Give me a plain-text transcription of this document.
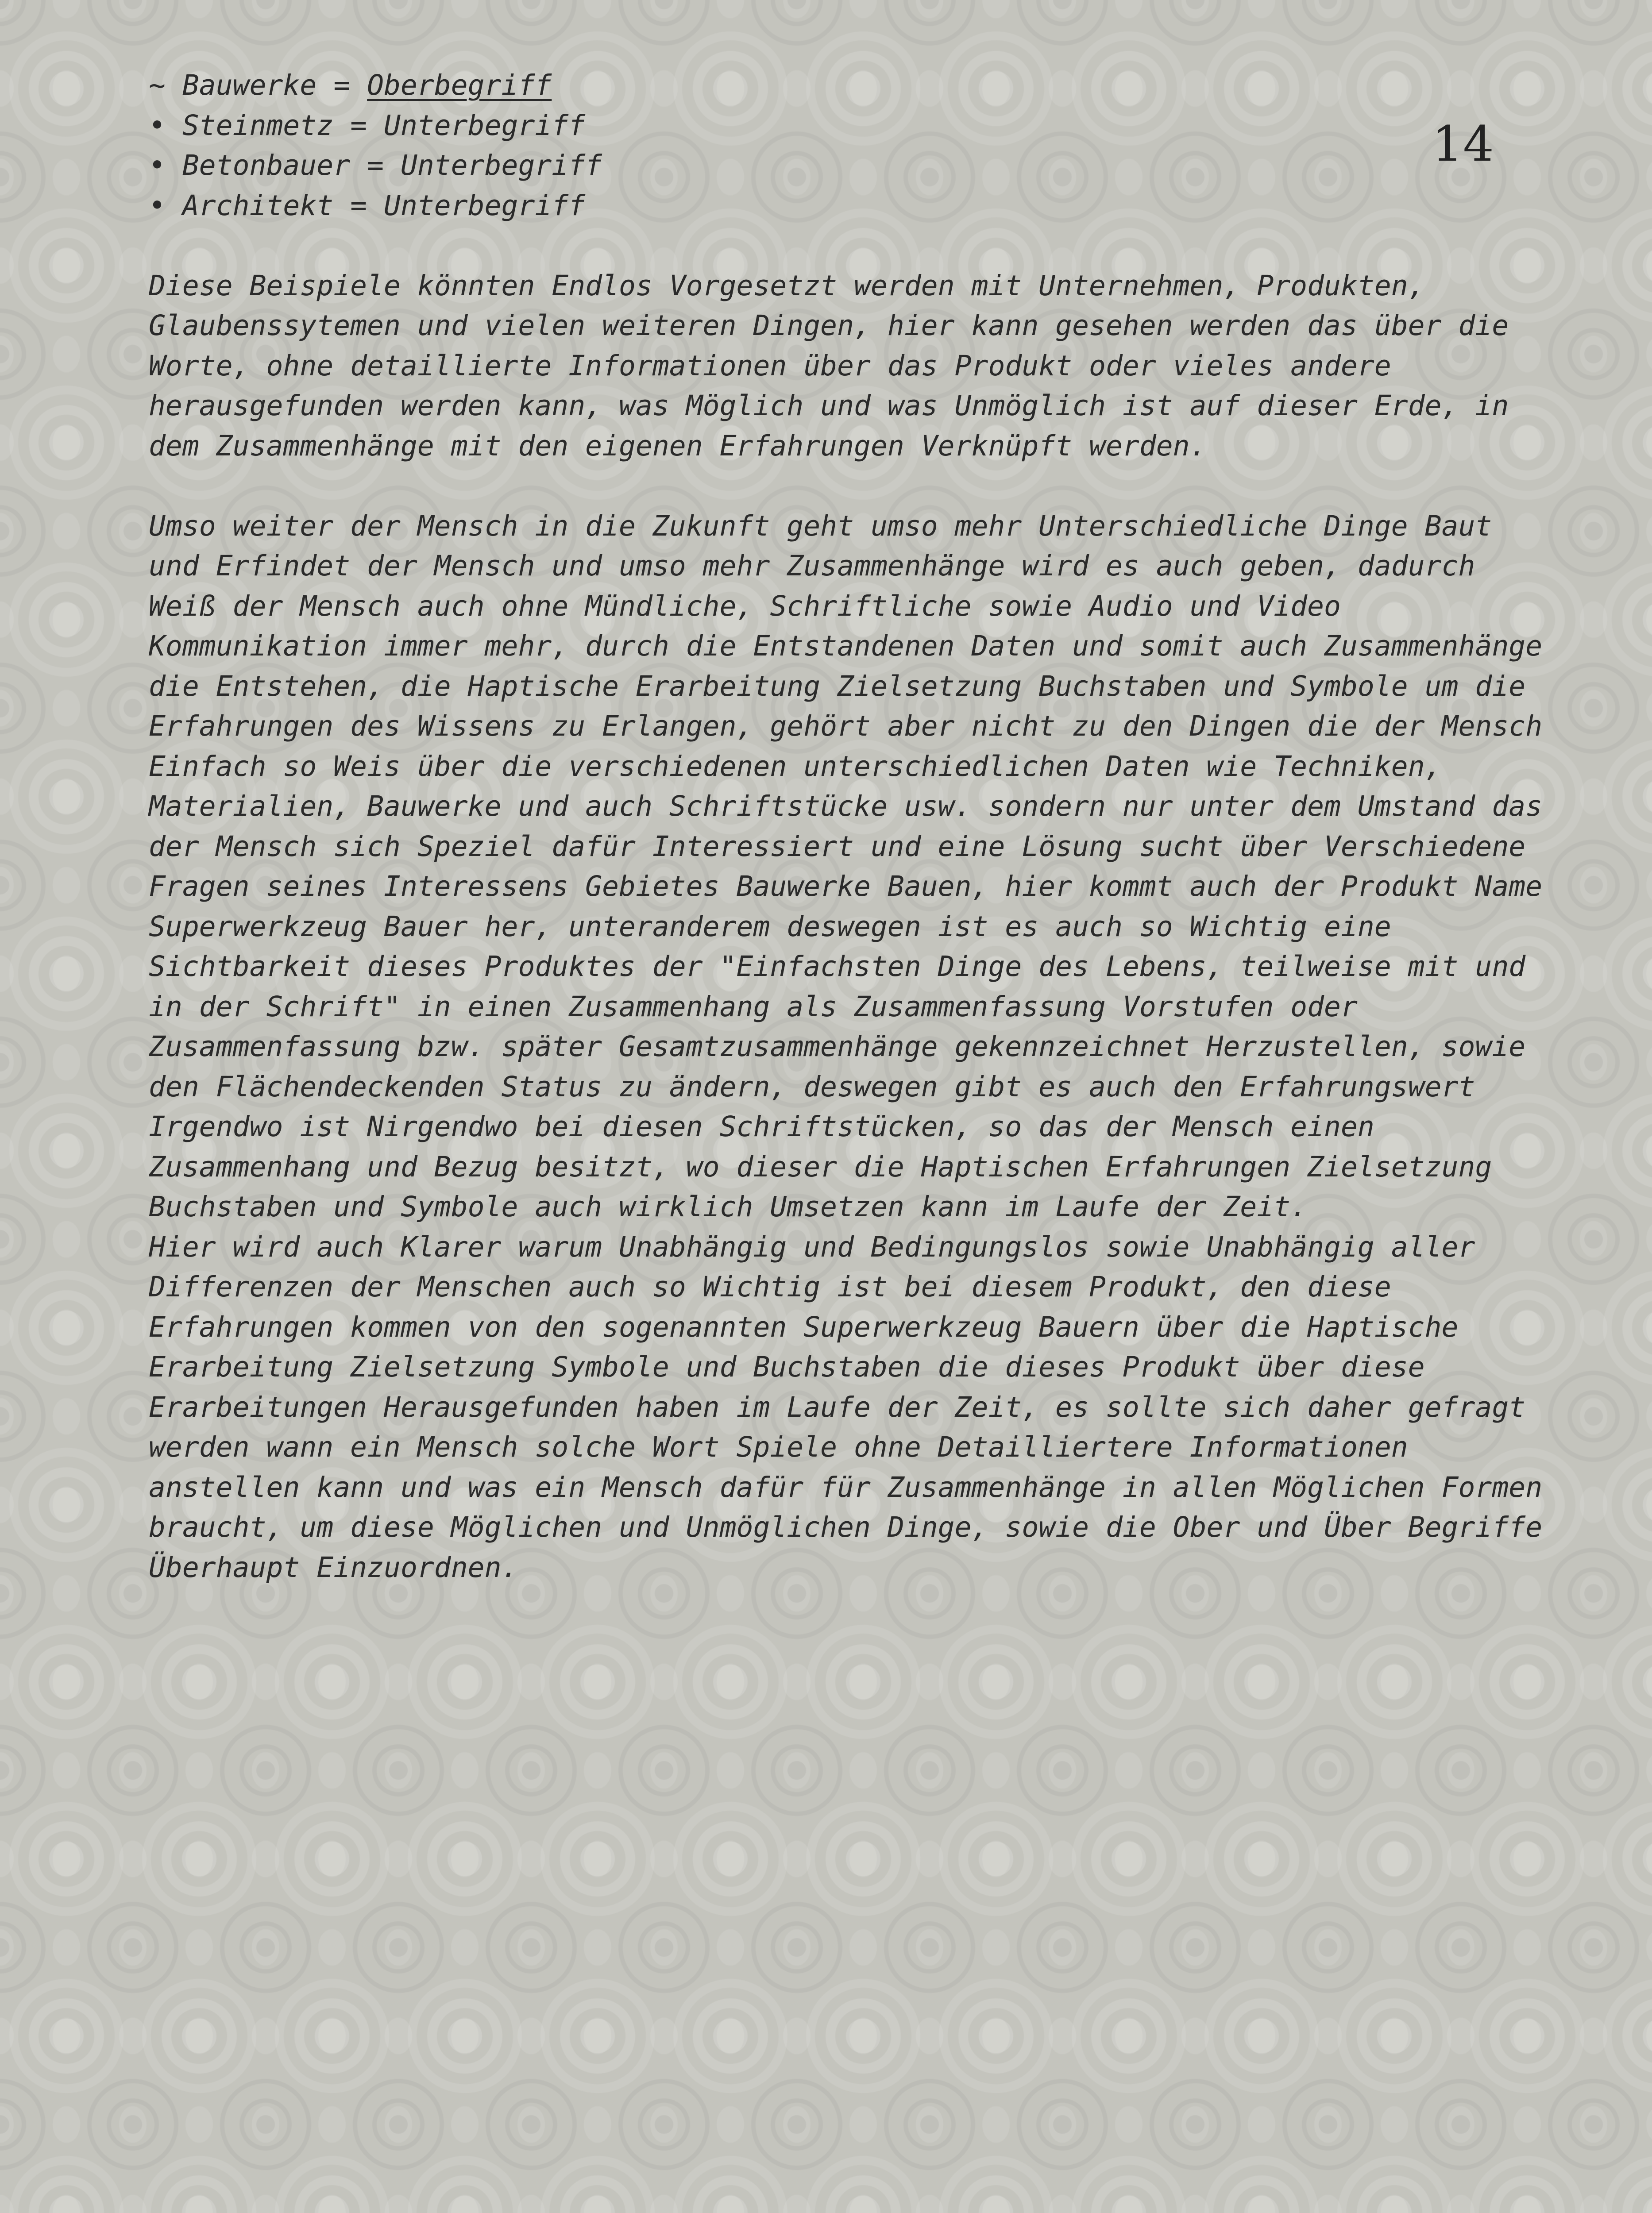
14
~ Bauwerke = Oberbegriff
• Steinmetz = Unterbegriff
• Betonbauer = Unterbegriff
• Architekt = Unterbegriff

Diese Beispiele könnten Endlos Vorgesetzt werden mit Unternehmen, Produkten, Glaubenssytemen und vielen weiteren Dingen, hier kann gesehen werden das über die Worte, ohne detaillierte Informationen über das Produkt oder vieles andere herausgefunden werden kann, was Möglich und was Unmöglich ist auf dieser Erde, in dem Zusammenhänge mit den eigenen Erfahrungen Verknüpft werden.

Umso weiter der Mensch in die Zukunft geht umso mehr Unterschiedliche Dinge Baut und Erfindet der Mensch und umso mehr Zusammenhänge wird es auch geben, dadurch Weiß der Mensch auch ohne Mündliche, Schriftliche sowie Audio und Video Kommunikation immer mehr, durch die Entstandenen Daten und somit auch Zusammenhänge die Entstehen, die Haptische Erarbeitung Zielsetzung Buchstaben und Symbole um die Erfahrungen des Wissens zu Erlangen, gehört aber nicht zu den Dingen die der Mensch Einfach so Weis über die verschiedenen unterschiedlichen Daten wie Techniken, Materialien, Bauwerke und auch Schriftstücke usw. sondern nur unter dem Umstand das der Mensch sich Speziel dafür Interessiert und eine Lösung sucht über Verschiedene Fragen seines Interessens Gebietes Bauwerke Bauen, hier kommt auch der Produkt Name Superwerkzeug Bauer her, unteranderem deswegen ist es auch so Wichtig eine Sichtbarkeit dieses Produktes der "Einfachsten Dinge des Lebens, teilweise mit und in der Schrift" in einen Zusammenhang als Zusammenfassung Vorstufen oder Zusammenfassung bzw. später Gesamtzusammenhänge gekennzeichnet Herzustellen, sowie den Flächendeckenden Status zu ändern, deswegen gibt es auch den Erfahrungswert Irgendwo ist Nirgendwo bei diesen Schriftstücken, so das der Mensch einen Zusammenhang und Bezug besitzt, wo dieser die Haptischen Erfahrungen Zielsetzung Buchstaben und Symbole auch wirklich Umsetzen kann im Laufe der Zeit.

Hier wird auch Klarer warum Unabhängig und Bedingungslos sowie Unabhängig aller Differenzen der Menschen auch so Wichtig ist bei diesem Produkt, den diese Erfahrungen kommen von den sogenannten Superwerkzeug Bauern über die Haptische Erarbeitung Zielsetzung Symbole und Buchstaben die dieses Produkt über diese Erarbeitungen Herausgefunden haben im Laufe der Zeit, es sollte sich daher gefragt werden wann ein Mensch solche Wort Spiele ohne Detailliertere Informationen anstellen kann und was ein Mensch dafür für Zusammenhänge in allen Möglichen Formen braucht, um diese Möglichen und Unmöglichen Dinge, sowie die Ober und Über Begriffe Überhaupt Einzuordnen.
